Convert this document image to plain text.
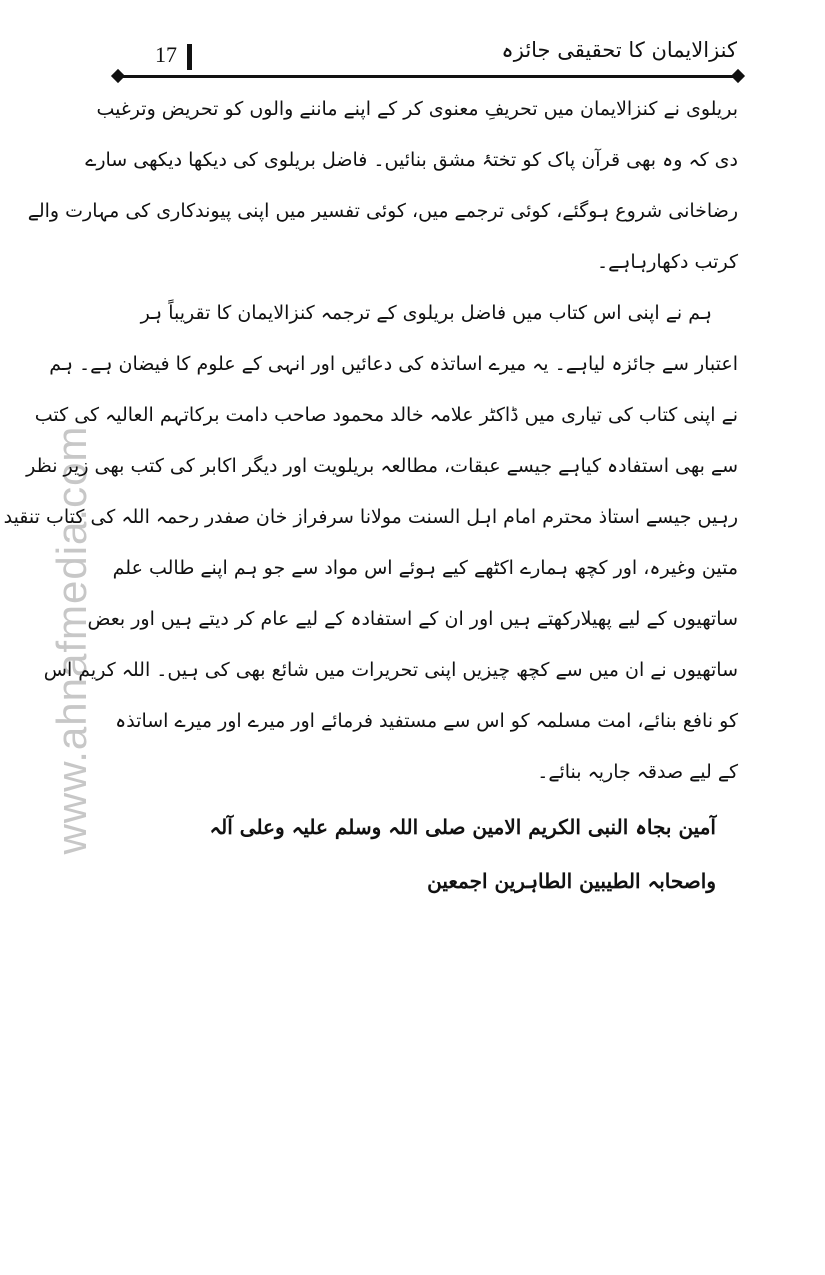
17	کنزالایمان کا تحقیقی جائزہ
www.ahnafmedia.com
بریلوی نے کنزالایمان میں تحریفِ معنوی کر کے اپنے ماننے والوں کو تحریض وترغیب
دی کہ وہ بھی قرآن پاک کو تختۂ مشق بنائیں۔ فاضل بریلوی کی دیکھا دیکھی سارے
رضاخانی شروع ہوگئے، کوئی ترجمے میں، کوئی تفسیر میں اپنی پیوندکاری کی مہارت والے
کرتب دکھارہاہے۔
ہم نے اپنی اس کتاب میں فاضل بریلوی کے ترجمہ کنزالایمان کا تقریباً ہر
اعتبار سے جائزہ لیاہے۔ یہ میرے اساتذہ کی دعائیں اور انہی کے علوم کا فیضان ہے۔ ہم
نے اپنی کتاب کی تیاری میں ڈاکٹر علامہ خالد محمود صاحب دامت برکاتہم العالیہ کی کتب
سے بھی استفادہ کیاہے جیسے عبقات، مطالعہ بریلویت اور دیگر اکابر کی کتب بھی زیر نظر
رہیں جیسے استاذ محترم امام اہل السنت مولانا سرفراز خان صفدر رحمہ اللہ کی کتاب تنقید
متین وغیرہ، اور کچھ ہمارے اکٹھے کیے ہوئے اس مواد سے جو ہم اپنے طالب علم
ساتھیوں کے لیے پھیلارکھتے ہیں اور ان کے استفادہ کے لیے عام کر دیتے ہیں اور بعض
ساتھیوں نے ان میں سے کچھ چیزیں اپنی تحریرات میں شائع بھی کی ہیں۔ اللہ کریم اس
کو نافع بنائے، امت مسلمہ کو اس سے مستفید فرمائے اور میرے اور میرے اساتذہ
کے لیے صدقہ جاریہ بنائے۔
آمین بجاہ النبی الکریم الامین صلی اللہ وسلم علیہ وعلی آلہ
واصحابہ الطیبین الطاہرین اجمعین
